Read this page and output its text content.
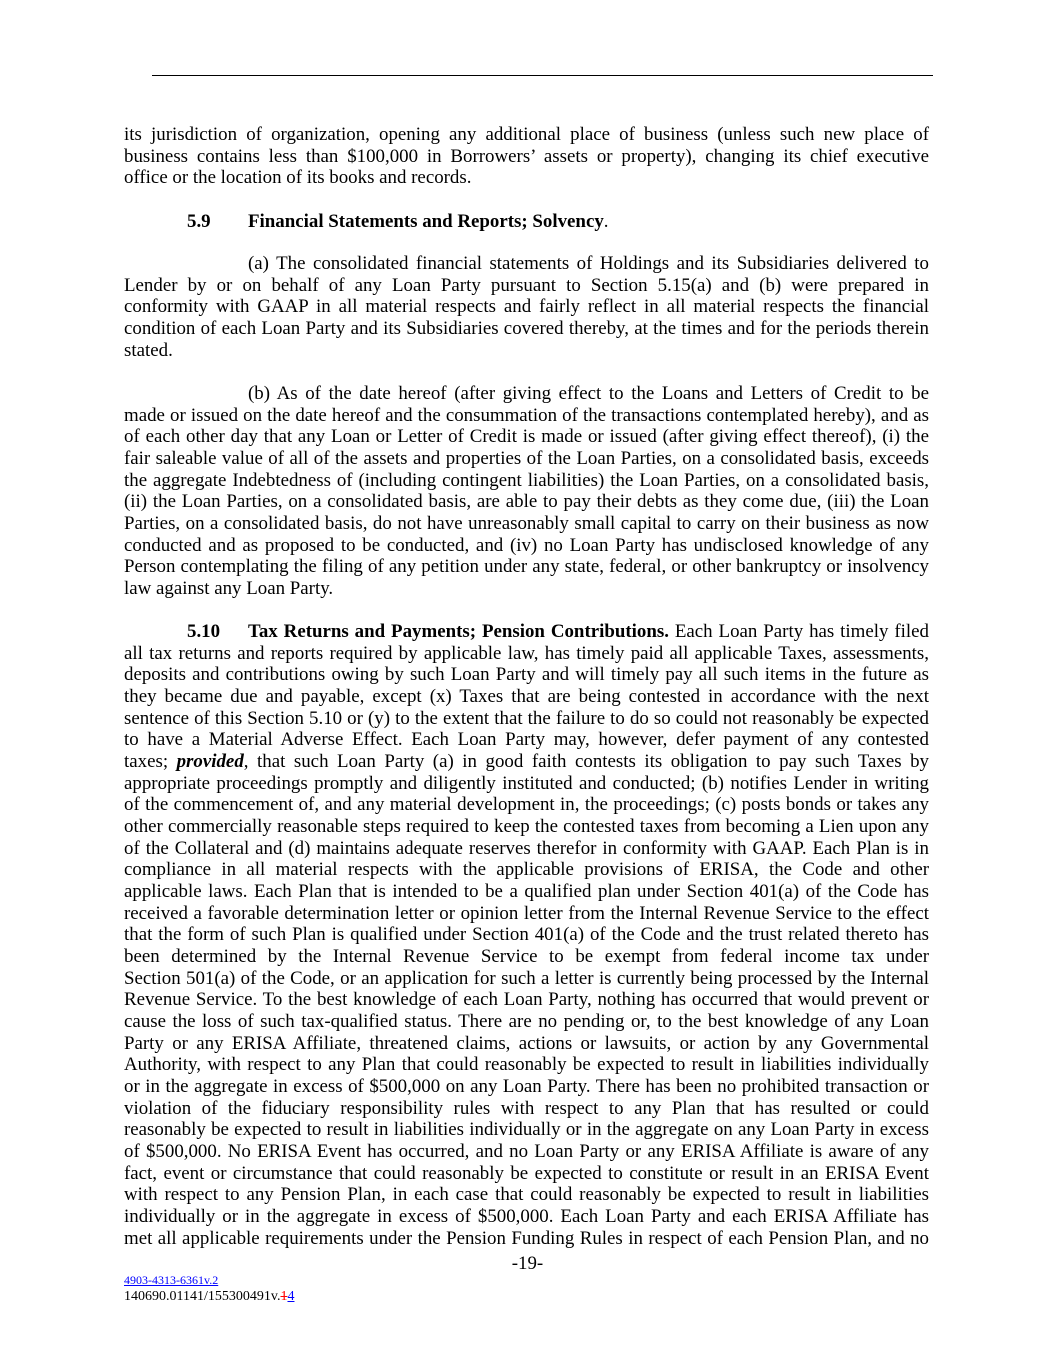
its jurisdiction of organization, opening any additional place of business (unless such new place of
business contains less than $100,000 in Borrowers’ assets or property), changing its chief executive
office or the location of its books and records.
5.9	Financial Statements and Reports; Solvency.
(a) The consolidated financial statements of Holdings and its Subsidiaries delivered to
Lender by or on behalf of any Loan Party pursuant to Section 5.15(a) and (b) were prepared in
conformity with GAAP in all material respects and fairly reflect in all material respects the financial
condition of each Loan Party and its Subsidiaries covered thereby, at the times and for the periods therein
stated.
(b) As of the date hereof (after giving effect to the Loans and Letters of Credit to be
made or issued on the date hereof and the consummation of the transactions contemplated hereby), and as
of each other day that any Loan or Letter of Credit is made or issued (after giving effect thereof), (i) the
fair saleable value of all of the assets and properties of the Loan Parties, on a consolidated basis, exceeds
the aggregate Indebtedness of (including contingent liabilities) the Loan Parties, on a consolidated basis,
(ii) the Loan Parties, on a consolidated basis, are able to pay their debts as they come due, (iii) the Loan
Parties, on a consolidated basis, do not have unreasonably small capital to carry on their business as now
conducted and as proposed to be conducted, and (iv) no Loan Party has undisclosed knowledge of any
Person contemplating the filing of any petition under any state, federal, or other bankruptcy or insolvency
law against any Loan Party.
5.10	Tax Returns and Payments; Pension Contributions. Each Loan Party has timely filed
all tax returns and reports required by applicable law, has timely paid all applicable Taxes, assessments,
deposits and contributions owing by such Loan Party and will timely pay all such items in the future as
they became due and payable, except (x) Taxes that are being contested in accordance with the next
sentence of this Section 5.10 or (y) to the extent that the failure to do so could not reasonably be expected
to have a Material Adverse Effect. Each Loan Party may, however, defer payment of any contested
taxes; provided, that such Loan Party (a) in good faith contests its obligation to pay such Taxes by
appropriate proceedings promptly and diligently instituted and conducted; (b) notifies Lender in writing
of the commencement of, and any material development in, the proceedings; (c) posts bonds or takes any
other commercially reasonable steps required to keep the contested taxes from becoming a Lien upon any
of the Collateral and (d) maintains adequate reserves therefor in conformity with GAAP. Each Plan is in
compliance in all material respects with the applicable provisions of ERISA, the Code and other
applicable laws. Each Plan that is intended to be a qualified plan under Section 401(a) of the Code has
received a favorable determination letter or opinion letter from the Internal Revenue Service to the effect
that the form of such Plan is qualified under Section 401(a) of the Code and the trust related thereto has
been determined by the Internal Revenue Service to be exempt from federal income tax under
Section 501(a) of the Code, or an application for such a letter is currently being processed by the Internal
Revenue Service. To the best knowledge of each Loan Party, nothing has occurred that would prevent or
cause the loss of such tax-qualified status. There are no pending or, to the best knowledge of any Loan
Party or any ERISA Affiliate, threatened claims, actions or lawsuits, or action by any Governmental
Authority, with respect to any Plan that could reasonably be expected to result in liabilities individually
or in the aggregate in excess of $500,000 on any Loan Party. There has been no prohibited transaction or
violation of the fiduciary responsibility rules with respect to any Plan that has resulted or could
reasonably be expected to result in liabilities individually or in the aggregate on any Loan Party in excess
of $500,000. No ERISA Event has occurred, and no Loan Party or any ERISA Affiliate is aware of any
fact, event or circumstance that could reasonably be expected to constitute or result in an ERISA Event
with respect to any Pension Plan, in each case that could reasonably be expected to result in liabilities
individually or in the aggregate in excess of $500,000. Each Loan Party and each ERISA Affiliate has
met all applicable requirements under the Pension Funding Rules in respect of each Pension Plan, and no
-19-
4903-4313-6361v.2
140690.01141/155300491v.14
